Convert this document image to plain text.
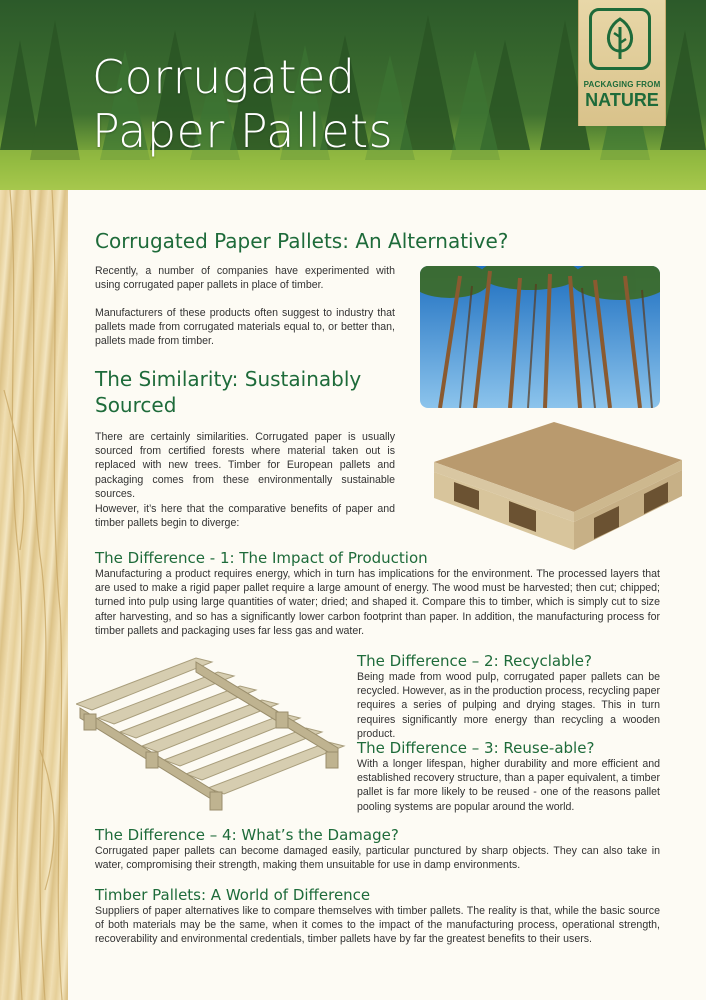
Corrugated
Paper Pallets
PACKAGING FROM
NATURE
Corrugated Paper Pallets: An Alternative?

Recently, a number of companies have experimented with using corrugated paper pallets in place of timber.

Manufacturers of these products often suggest to industry that pallets made from corrugated materials equal to, or better than, pallets made from timber.

The Similarity: Sustainably
Sourced

There are certainly similarities. Corrugated paper is usually sourced from certified forests where material taken out is replaced with new trees. Timber for European pallets and packaging comes from these environmentally sustainable sources.

However, it’s here that the comparative benefits of paper and timber pallets begin to diverge:

The Difference - 1: The Impact of Production

Manufacturing a product requires energy, which in turn has implications for the environment. The processed layers that are used to make a rigid paper pallet require a large amount of energy. The wood must be harvested; then cut; chipped; turned into pulp using large quantities of water; dried; and shaped it. Compare this to timber, which is simply cut to size after harvesting, and so has a significantly lower carbon footprint than paper. In addition, the manufacturing process for timber pallets and packaging uses far less gas and water.

The Difference – 2: Recyclable?

Being made from wood pulp, corrugated paper pallets can be recycled. However, as in the production process, recycling paper requires a series of pulping and drying stages. This in turn requires significantly more energy than recycling a wooden product.

The Difference – 3: Reuse-able?

With a longer lifespan, higher durability and more efficient and established recovery structure, than a paper equivalent, a timber pallet is far more likely to be reused - one of the reasons pallet pooling systems are popular around the world.

The Difference – 4: What’s the Damage?

Corrugated paper pallets can become damaged easily, particular punctured by sharp objects. They can also take in water, compromising their strength, making them unsuitable for use in damp environments.

Timber Pallets: A World of Difference

Suppliers of paper alternatives like to compare themselves with timber pallets. The reality is that, while the basic source of both materials may be the same, when it comes to the impact of the manufacturing process, operational strength, recoverability and environmental credentials, timber pallets have by far the greatest benefits to their users.
